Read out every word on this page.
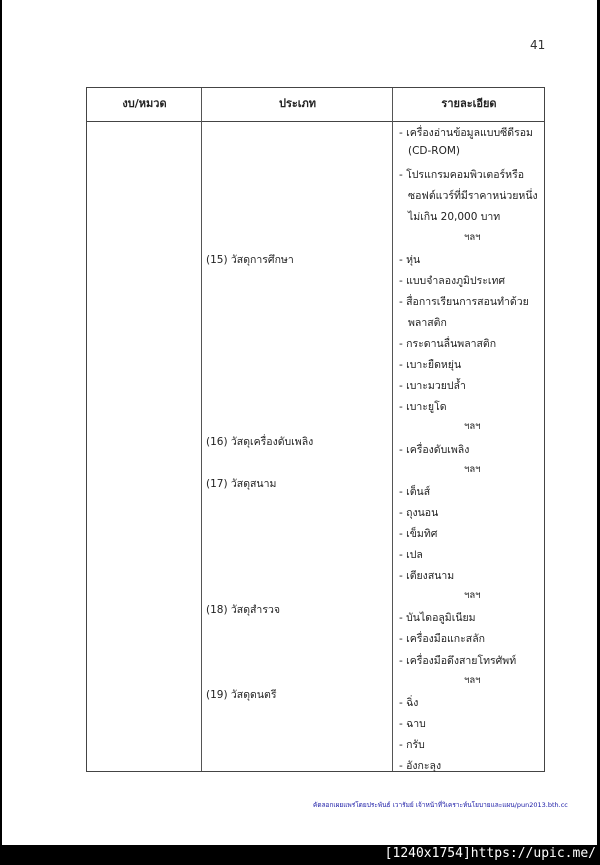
41
งบ/หมวด	ประเภท	รายละเอียด
(15) วัสดุการศึกษา
(16) วัสดุเครื่องดับเพลิง
(17) วัสดุสนาม
(18) วัสดุสำรวจ
(19) วัสดุดนตรี
- เครื่องอ่านข้อมูลแบบซีดีรอม
(CD-ROM)
- โปรแกรมคอมพิวเตอร์หรือ
ซอฟต์แวร์ที่มีราคาหน่วยหนึ่ง
ไม่เกิน 20,000 บาท
ฯลฯ
- หุ่น
- แบบจำลองภูมิประเทศ
- สื่อการเรียนการสอนทำด้วย
พลาสติก
- กระดานลื่นพลาสติก
- เบาะยืดหยุ่น
- เบาะมวยปล้ำ
- เบาะยูโด
ฯลฯ
- เครื่องดับเพลิง
ฯลฯ
- เต็นส์
- ถุงนอน
- เข็มทิศ
- เปล
- เตียงสนาม
ฯลฯ
- บันไดอลูมิเนียม
- เครื่องมือแกะสลัก
- เครื่องมือดึงสายโทรศัพท์
ฯลฯ
- ฉิ่ง
- ฉาบ
- กรับ
- อังกะลุง
คัดลอกเผยแพร่โดยประพันธ์ เวารัมย์ เจ้าหน้าที่วิเคราะห์นโยบายและแผน/pun2013.bth.cc
[1240x1754]https://upic.me/
